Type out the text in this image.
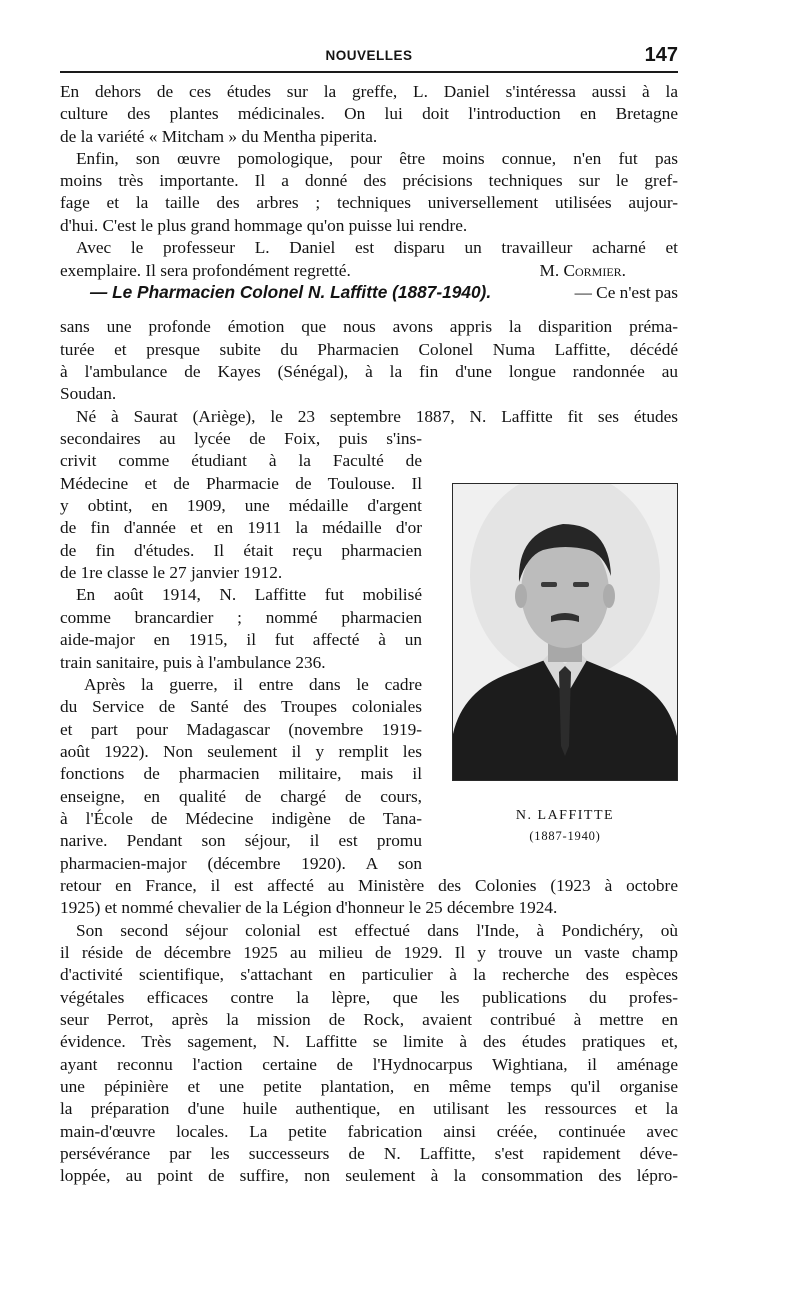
NOUVELLES	147
En dehors de ces études sur la greffe, L. Daniel s'intéressa aussi à la
culture des plantes médicinales. On lui doit l'introduction en Bretagne
de la variété « Mitcham » du Mentha piperita.
Enfin, son œuvre pomologique, pour être moins connue, n'en fut pas
moins très importante. Il a donné des précisions techniques sur le gref-
fage et la taille des arbres ; techniques universellement utilisées aujour-
d'hui. C'est le plus grand hommage qu'on puisse lui rendre.
Avec le professeur L. Daniel est disparu un travailleur acharné et
exemplaire. Il sera profondément regretté.	M. Cormier.
— Le Pharmacien Colonel N. Laffitte (1887-1940).	— Ce n'est pas
sans une profonde émotion que nous avons appris la disparition préma-
turée et presque subite du Pharmacien Colonel Numa Laffitte, décédé
à l'ambulance de Kayes (Sénégal), à la fin d'une longue randonnée au
Soudan.
Né à Saurat (Ariège), le 23 septembre 1887, N. Laffitte fit ses études
secondaires au lycée de Foix, puis s'ins-
crivit comme étudiant à la Faculté de
Médecine et de Pharmacie de Toulouse. Il
y obtint, en 1909, une médaille d'argent
de fin d'année et en 1911 la médaille d'or
de fin d'études. Il était reçu pharmacien
de 1re classe le 27 janvier 1912.
En août 1914, N. Laffitte fut mobilisé
comme brancardier ; nommé pharmacien
aide-major en 1915, il fut affecté à un
train sanitaire, puis à l'ambulance 236.
Après la guerre, il entre dans le cadre
du Service de Santé des Troupes coloniales
et part pour Madagascar (novembre 1919-
août 1922). Non seulement il y remplit les
fonctions de pharmacien militaire, mais il
enseigne, en qualité de chargé de cours,
à l'École de Médecine indigène de Tana-
narive. Pendant son séjour, il est promu
pharmacien-major (décembre 1920). A son
retour en France, il est affecté au Ministère des Colonies (1923 à octobre
1925) et nommé chevalier de la Légion d'honneur le 25 décembre 1924.
Son second séjour colonial est effectué dans l'Inde, à Pondichéry, où
il réside de décembre 1925 au milieu de 1929. Il y trouve un vaste champ
d'activité scientifique, s'attachant en particulier à la recherche des espèces
végétales efficaces contre la lèpre, que les publications du profes-
seur Perrot, après la mission de Rock, avaient contribué à mettre en
évidence. Très sagement, N. Laffitte se limite à des études pratiques et,
ayant reconnu l'action certaine de l'Hydnocarpus Wightiana, il aménage
une pépinière et une petite plantation, en même temps qu'il organise
la préparation d'une huile authentique, en utilisant les ressources et la
main-d'œuvre locales. La petite fabrication ainsi créée, continuée avec
persévérance par les successeurs de N. Laffitte, s'est rapidement déve-
loppée, au point de suffire, non seulement à la consommation des lépro-
N. LAFFITTE
(1887-1940)
